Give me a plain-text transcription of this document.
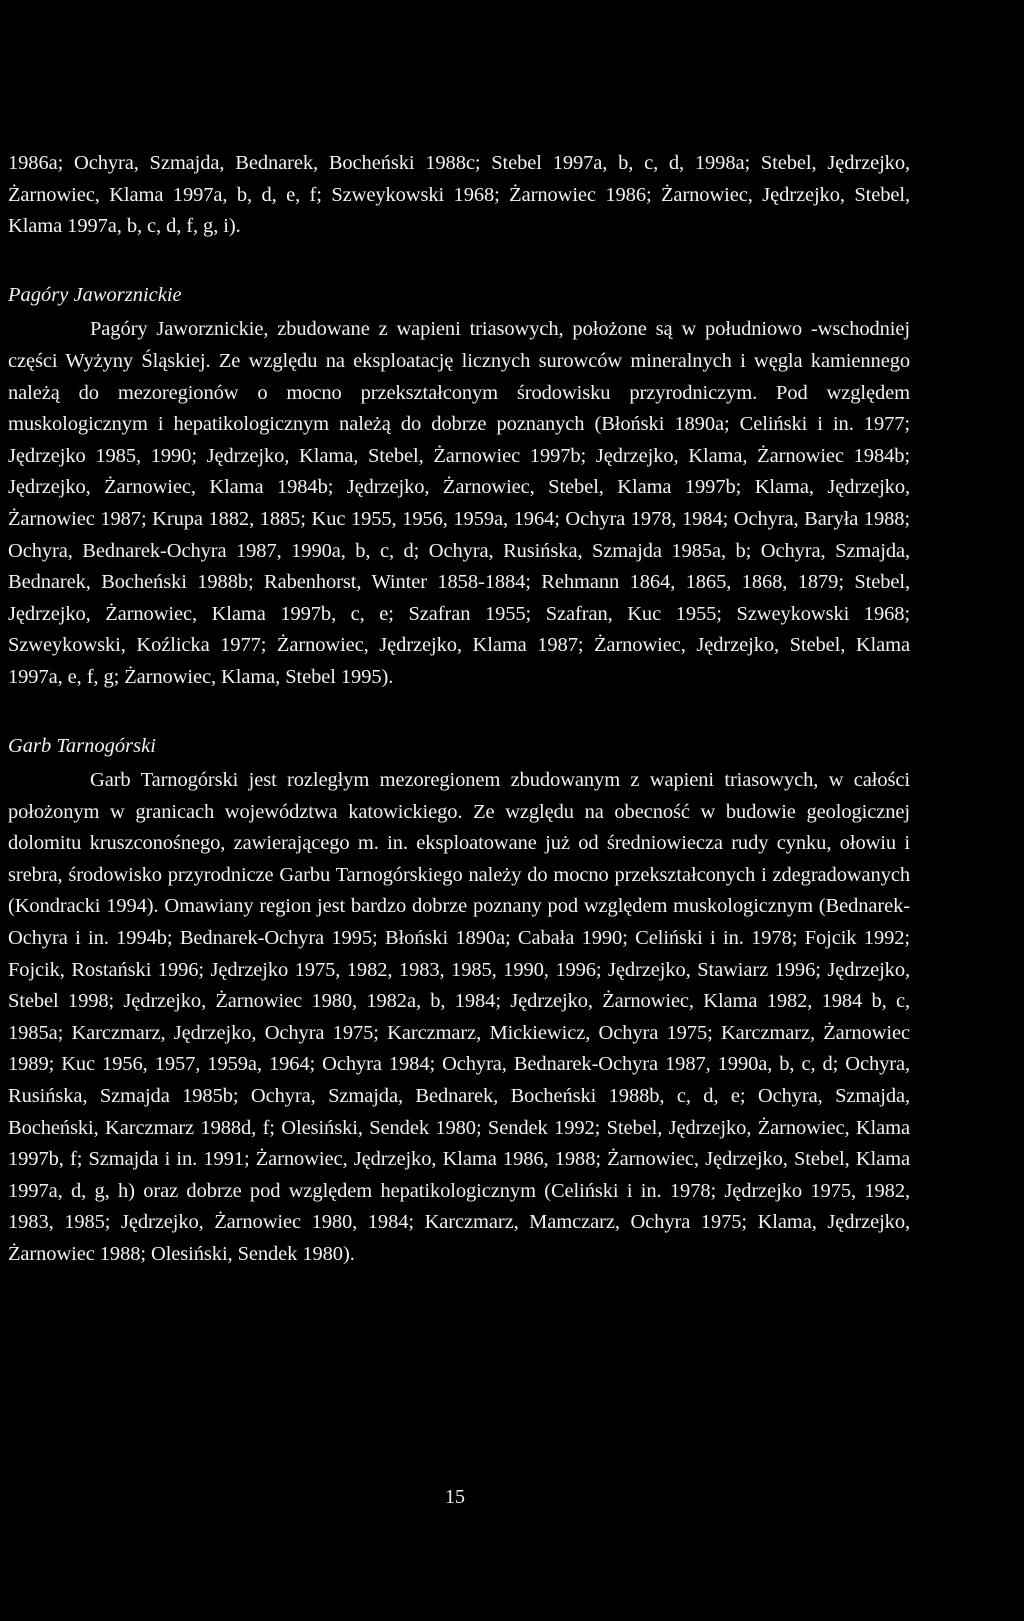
1986a; Ochyra, Szmajda, Bednarek, Bocheński 1988c; Stebel 1997a, b, c, d, 1998a; Stebel, Jędrzejko, Żarnowiec, Klama 1997a, b, d, e, f; Szweykowski 1968; Żarnowiec 1986; Żarnowiec, Jędrzejko, Stebel, Klama 1997a, b, c, d, f, g, i).

Pagóry Jaworznickie

Pagóry Jaworznickie, zbudowane z wapieni triasowych, położone są w południowo -wschodniej części Wyżyny Śląskiej. Ze względu na eksploatację licznych surowców mineralnych i węgla kamiennego należą do mezoregionów o mocno przekształconym środowisku przyrodniczym. Pod względem muskologicznym i hepatikologicznym należą do dobrze poznanych (Błoński 1890a; Celiński i in. 1977; Jędrzejko 1985, 1990; Jędrzejko, Klama, Stebel, Żarnowiec 1997b; Jędrzejko, Klama, Żarnowiec 1984b; Jędrzejko, Żarnowiec, Klama 1984b; Jędrzejko, Żarnowiec, Stebel, Klama 1997b; Klama, Jędrzejko, Żarnowiec 1987; Krupa 1882, 1885; Kuc 1955, 1956, 1959a, 1964; Ochyra 1978, 1984; Ochyra, Baryła 1988; Ochyra, Bednarek-Ochyra 1987, 1990a, b, c, d; Ochyra, Rusińska, Szmajda 1985a, b; Ochyra, Szmajda, Bednarek, Bocheński 1988b; Rabenhorst, Winter 1858-1884; Rehmann 1864, 1865, 1868, 1879; Stebel, Jędrzejko, Żarnowiec, Klama 1997b, c, e; Szafran 1955; Szafran, Kuc 1955; Szweykowski 1968; Szweykowski, Koźlicka 1977; Żarnowiec, Jędrzejko, Klama 1987; Żarnowiec, Jędrzejko, Stebel, Klama 1997a, e, f, g; Żarnowiec, Klama, Stebel 1995).

Garb Tarnogórski

Garb Tarnogórski jest rozległym mezoregionem zbudowanym z wapieni triasowych, w całości położonym w granicach województwa katowickiego. Ze względu na obecność w budowie geologicznej dolomitu kruszconośnego, zawierającego m. in. eksploatowane już od średniowiecza rudy cynku, ołowiu i srebra, środowisko przyrodnicze Garbu Tarnogórskiego należy do mocno przekształconych i zdegradowanych (Kondracki 1994). Omawiany region jest bardzo dobrze poznany pod względem muskologicznym (Bednarek-Ochyra i in. 1994b; Bednarek-Ochyra 1995; Błoński 1890a; Cabała 1990; Celiński i in. 1978; Fojcik 1992; Fojcik, Rostański 1996; Jędrzejko 1975, 1982, 1983, 1985, 1990, 1996; Jędrzejko, Stawiarz 1996; Jędrzejko, Stebel 1998; Jędrzejko, Żarnowiec 1980, 1982a, b, 1984; Jędrzejko, Żarnowiec, Klama 1982, 1984 b, c, 1985a; Karczmarz, Jędrzejko, Ochyra 1975; Karczmarz, Mickiewicz, Ochyra 1975; Karczmarz, Żarnowiec 1989; Kuc 1956, 1957, 1959a, 1964; Ochyra 1984; Ochyra, Bednarek-Ochyra 1987, 1990a, b, c, d; Ochyra, Rusińska, Szmajda 1985b; Ochyra, Szmajda, Bednarek, Bocheński 1988b, c, d, e; Ochyra, Szmajda, Bocheński, Karczmarz 1988d, f; Olesiński, Sendek 1980; Sendek 1992; Stebel, Jędrzejko, Żarnowiec, Klama 1997b, f; Szmajda i in. 1991; Żarnowiec, Jędrzejko, Klama 1986, 1988; Żarnowiec, Jędrzejko, Stebel, Klama 1997a, d, g, h) oraz dobrze pod względem hepatikologicznym (Celiński i in. 1978; Jędrzejko 1975, 1982, 1983, 1985; Jędrzejko, Żarnowiec 1980, 1984; Karczmarz, Mamczarz, Ochyra 1975; Klama, Jędrzejko, Żarnowiec 1988; Olesiński, Sendek 1980).

15
